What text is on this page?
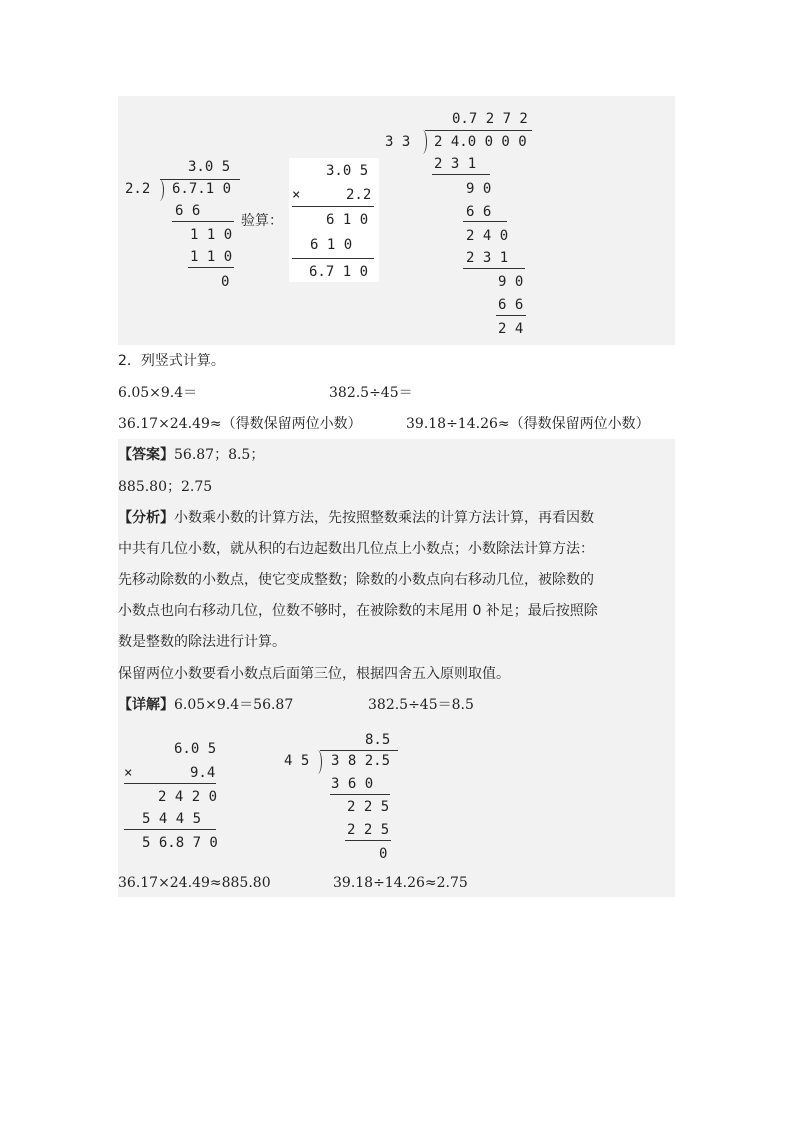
3.0 5
2.2 6.7.1 0
6 6
1 1 0
1 1 0
0
验算：
3.0 5
×	2.2
6 1 0
6 1 0
6.7 1 0
0.7 2 7 2
3 3 2 4.0 0 0 0
2 3 1
9 0
6 6
2 4 0
2 3 1
9 0
6 6
2 4
2．列竖式计算。
6.05×9.4＝	382.5÷45＝
36.17×24.49≈（得数保留两位小数）	39.18÷14.26≈（得数保留两位小数）
【答案】56.87；8.5；
885.80；2.75
【分析】小数乘小数的计算方法，先按照整数乘法的计算方法计算，再看因数
中共有几位小数，就从积的右边起数出几位点上小数点；小数除法计算方法：
先移动除数的小数点，使它变成整数；除数的小数点向右移动几位，被除数的
小数点也向右移动几位，位数不够时，在被除数的末尾用 0 补足；最后按照除
数是整数的除法进行计算。
保留两位小数要看小数点后面第三位，根据四舍五入原则取值。
【详解】6.05×9.4＝56.87	382.5÷45＝8.5
6.0 5
×	9.4
2 4 2 0
5 4 4 5
5 6.8 7 0
8.5
4 5 3 8 2.5
3 6 0
2 2 5
2 2 5
0
36.17×24.49≈885.80	39.18÷14.26≈2.75
